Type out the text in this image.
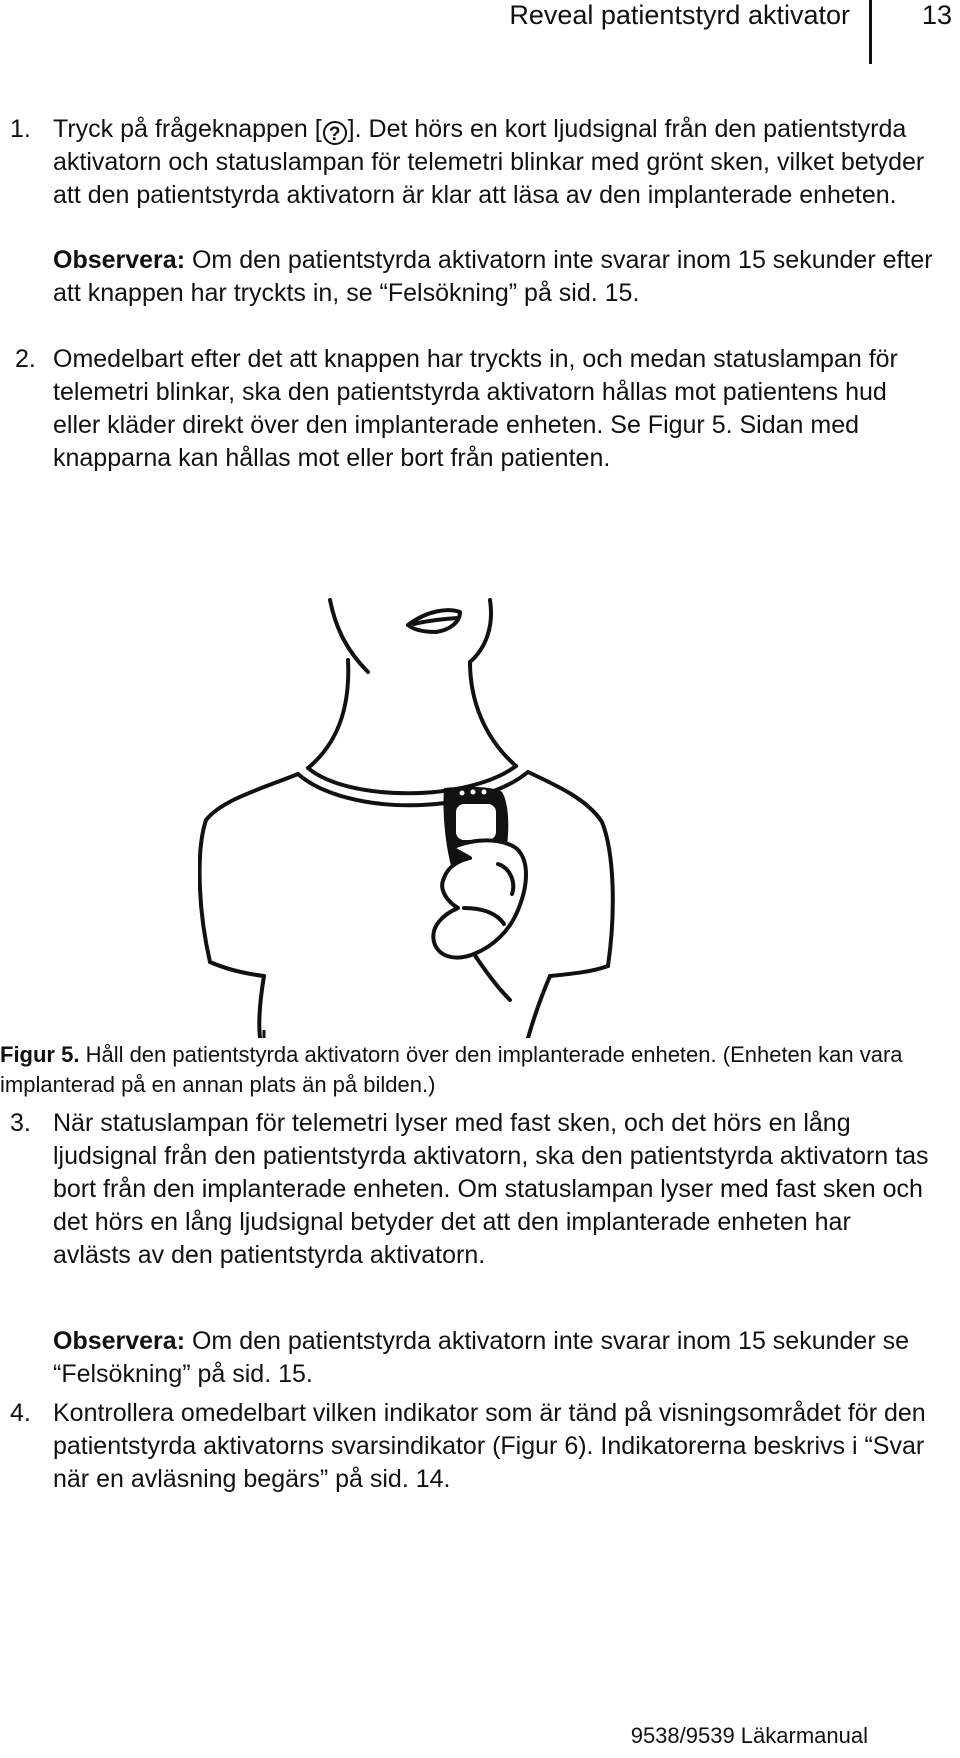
Reveal patientstyrd aktivator	13
1. Tryck på frågeknappen [ ? ]. Det hörs en kort ljudsignal från den patientstyrda aktivatorn och statuslampan för telemetri blinkar med grönt sken, vilket betyder att den patientstyrda aktivatorn är klar att läsa av den implanterade enheten.
Observera: Om den patientstyrda aktivatorn inte svarar inom 15 sekunder efter att knappen har tryckts in, se “Felsökning” på sid. 15.
2. Omedelbart efter det att knappen har tryckts in, och medan statuslampan för telemetri blinkar, ska den patientstyrda aktivatorn hållas mot patientens hud eller kläder direkt över den implanterade enheten. Se Figur 5. Sidan med knapparna kan hållas mot eller bort från patienten.
Figur 5. Håll den patientstyrda aktivatorn över den implanterade enheten. (Enheten kan vara implanterad på en annan plats än på bilden.)
3. När statuslampan för telemetri lyser med fast sken, och det hörs en lång ljudsignal från den patientstyrda aktivatorn, ska den patientstyrda aktivatorn tas bort från den implanterade enheten. Om statuslampan lyser med fast sken och det hörs en lång ljudsignal betyder det att den implanterade enheten har avlästs av den patientstyrda aktivatorn.
Observera: Om den patientstyrda aktivatorn inte svarar inom 15 sekunder se “Felsökning” på sid. 15.
4. Kontrollera omedelbart vilken indikator som är tänd på visningsområdet för den patientstyrda aktivatorns svarsindikator (Figur 6). Indikatorerna beskrivs i “Svar när en avläsning begärs” på sid. 14.
9538/9539 Läkarmanual
